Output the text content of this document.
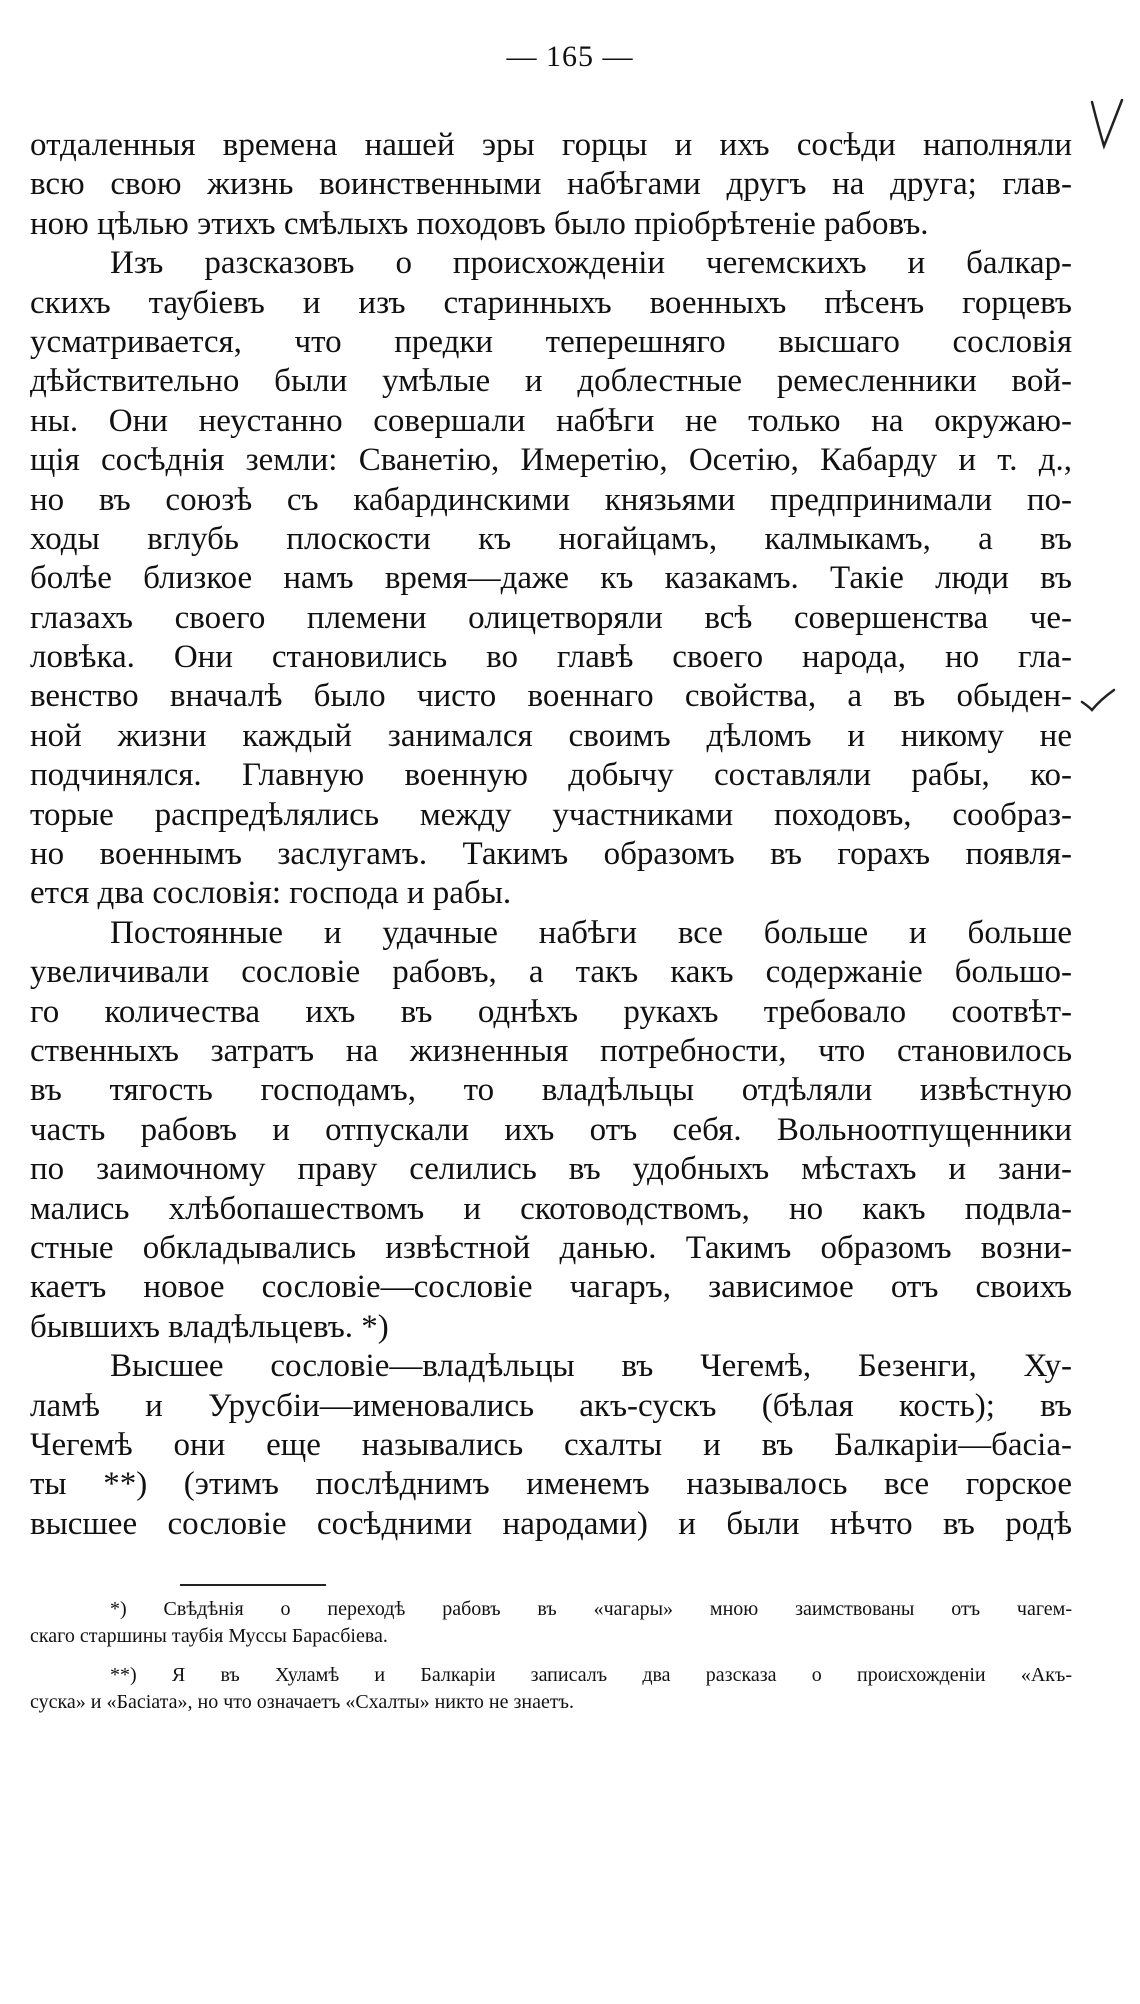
— 165 —
отдаленныя времена нашей эры горцы и ихъ сосѣди наполняли
всю свою жизнь воинственными набѣгами другъ на друга; глав-
ною цѣлью этихъ смѣлыхъ походовъ было пріобрѣтеніе рабовъ.
Изъ разсказовъ о происхожденіи чегемскихъ и балкар-
скихъ таубіевъ и изъ старинныхъ военныхъ пѣсенъ горцевъ
усматривается, что предки теперешняго высшаго сословія
дѣйствительно были умѣлые и доблестные ремесленники вой-
ны. Они неустанно совершали набѣги не только на окружаю-
щія сосѣднія земли: Сванетію, Имеретію, Осетію, Кабарду и т. д.,
но въ союзѣ съ кабардинскими князьями предпринимали по-
ходы вглубь плоскости къ ногайцамъ, калмыкамъ, а въ
болѣе близкое намъ время—даже къ казакамъ. Такіе люди въ
глазахъ своего племени олицетворяли всѣ совершенства че-
ловѣка. Они становились во главѣ своего народа, но гла-
венство вначалѣ было чисто военнаго свойства, а въ обыден-
ной жизни каждый занимался своимъ дѣломъ и никому не
подчинялся. Главную военную добычу составляли рабы, ко-
торые распредѣлялись между участниками походовъ, сообраз-
но военнымъ заслугамъ. Такимъ образомъ въ горахъ появля-
ется два сословія: господа и рабы.
Постоянные и удачные набѣги все больше и больше
увеличивали сословіе рабовъ, а такъ какъ содержаніе большо-
го количества ихъ въ однѣхъ рукахъ требовало соотвѣт-
ственныхъ затратъ на жизненныя потребности, что становилось
въ тягость господамъ, то владѣльцы отдѣляли извѣстную
часть рабовъ и отпускали ихъ отъ себя. Вольноотпущенники
по заимочному праву селились въ удобныхъ мѣстахъ и зани-
мались хлѣбопашествомъ и скотоводствомъ, но какъ подвла-
стные обкладывались извѣстной данью. Такимъ образомъ возни-
каетъ новое сословіе—сословіе чагаръ, зависимое отъ своихъ
бывшихъ владѣльцевъ. *)
Высшее сословіе—владѣльцы въ Чегемѣ, Безенги, Ху-
ламѣ и Урусбіи—именовались акъ-сускъ (бѣлая кость); въ
Чегемѣ они еще назывались схалты и въ Балкаріи—басіа-
ты **) (этимъ послѣднимъ именемъ называлось все горское
высшее сословіе сосѣдними народами) и были нѣчто въ родѣ
*) Свѣдѣнія о переходѣ рабовъ въ «чагары» мною заимствованы отъ чагем-
скаго старшины таубія Муссы Барасбіева.
**) Я въ Хуламѣ и Балкаріи записалъ два разсказа о происхожденіи «Акъ-
суска» и «Басіата», но что означаетъ «Схалты» никто не знаетъ.
